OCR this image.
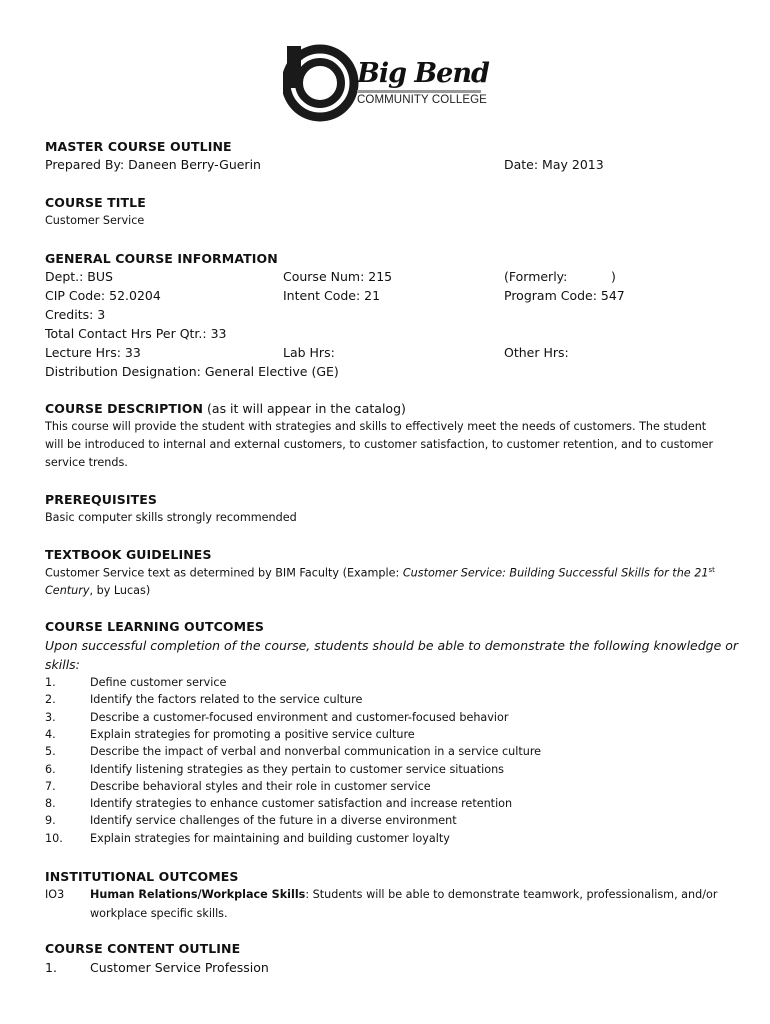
Big Bend
COMMUNITY COLLEGE
MASTER COURSE OUTLINE
Prepared By: Daneen Berry-Guerin	Date: May 2013
COURSE TITLE
Customer Service
GENERAL COURSE INFORMATION
Dept.: BUS	Course Num: 215	(Formerly:	)
CIP Code: 52.0204	Intent Code: 21	Program Code: 547
Credits: 3
Total Contact Hrs Per Qtr.: 33
Lecture Hrs: 33	Lab Hrs:	Other Hrs:
Distribution Designation: General Elective (GE)
COURSE DESCRIPTION (as it will appear in the catalog)
This course will provide the student with strategies and skills to effectively meet the needs of customers. The student
will be introduced to internal and external customers, to customer satisfaction, to customer retention, and to customer
service trends.
PREREQUISITES
Basic computer skills strongly recommended
TEXTBOOK GUIDELINES
Customer Service text as determined by BIM Faculty (Example: Customer Service: Building Successful Skills for the 21st
Century, by Lucas)
COURSE LEARNING OUTCOMES
Upon successful completion of the course, students should be able to demonstrate the following knowledge or
skills:
1.	Define customer service
2.	Identify the factors related to the service culture
3.	Describe a customer-focused environment and customer-focused behavior
4.	Explain strategies for promoting a positive service culture
5.	Describe the impact of verbal and nonverbal communication in a service culture
6.	Identify listening strategies as they pertain to customer service situations
7.	Describe behavioral styles and their role in customer service
8.	Identify strategies to enhance customer satisfaction and increase retention
9.	Identify service challenges of the future in a diverse environment
10. Explain strategies for maintaining and building customer loyalty
INSTITUTIONAL OUTCOMES
IO3 Human Relations/Workplace Skills: Students will be able to demonstrate teamwork, professionalism, and/or
workplace specific skills.
COURSE CONTENT OUTLINE
1.	Customer Service Profession
